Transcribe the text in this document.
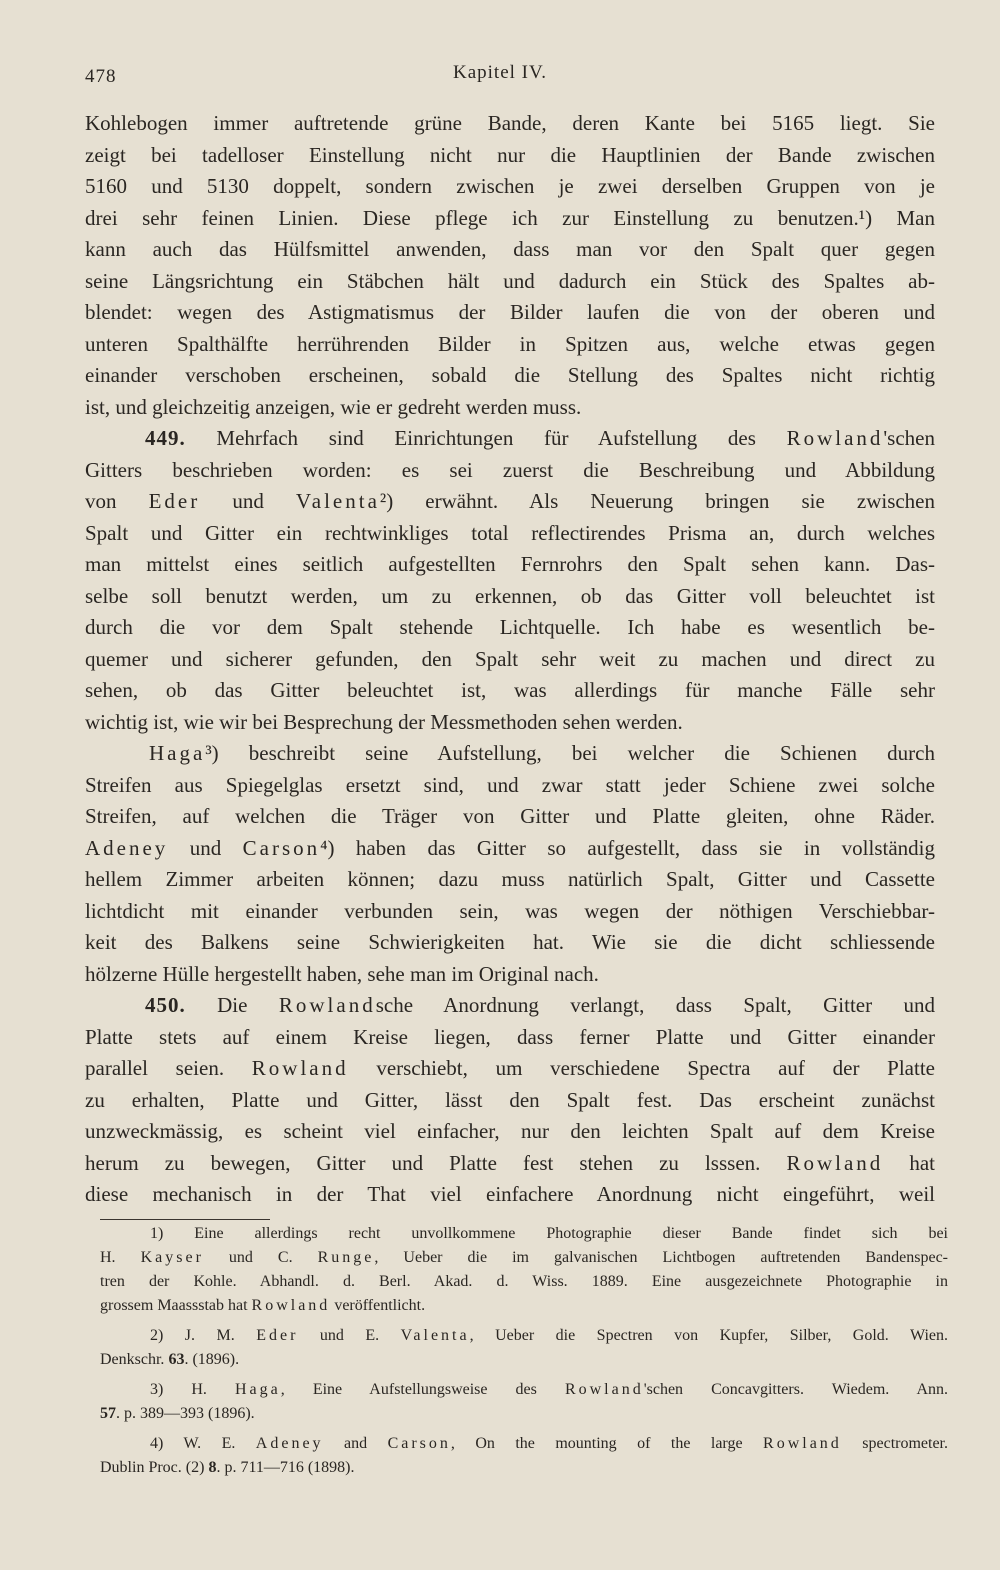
478	Kapitel IV.
Kohlebogen immer auftretende grüne Bande, deren Kante bei 5165 liegt. Sie
zeigt bei tadelloser Einstellung nicht nur die Hauptlinien der Bande zwischen
5160 und 5130 doppelt, sondern zwischen je zwei derselben Gruppen von je
drei sehr feinen Linien. Diese pflege ich zur Einstellung zu benutzen.¹) Man
kann auch das Hülfsmittel anwenden, dass man vor den Spalt quer gegen
seine Längsrichtung ein Stäbchen hält und dadurch ein Stück des Spaltes ab-
blendet: wegen des Astigmatismus der Bilder laufen die von der oberen und
unteren Spalthälfte herrührenden Bilder in Spitzen aus, welche etwas gegen
einander verschoben erscheinen, sobald die Stellung des Spaltes nicht richtig
ist, und gleichzeitig anzeigen, wie er gedreht werden muss.
449. Mehrfach sind Einrichtungen für Aufstellung des Rowland'schen
Gitters beschrieben worden: es sei zuerst die Beschreibung und Abbildung
von Eder und Valenta²) erwähnt. Als Neuerung bringen sie zwischen
Spalt und Gitter ein rechtwinkliges total reflectirendes Prisma an, durch welches
man mittelst eines seitlich aufgestellten Fernrohrs den Spalt sehen kann. Das-
selbe soll benutzt werden, um zu erkennen, ob das Gitter voll beleuchtet ist
durch die vor dem Spalt stehende Lichtquelle. Ich habe es wesentlich be-
quemer und sicherer gefunden, den Spalt sehr weit zu machen und direct zu
sehen, ob das Gitter beleuchtet ist, was allerdings für manche Fälle sehr
wichtig ist, wie wir bei Besprechung der Messmethoden sehen werden.
Haga³) beschreibt seine Aufstellung, bei welcher die Schienen durch
Streifen aus Spiegelglas ersetzt sind, und zwar statt jeder Schiene zwei solche
Streifen, auf welchen die Träger von Gitter und Platte gleiten, ohne Räder.
Adeney und Carson⁴) haben das Gitter so aufgestellt, dass sie in vollständig
hellem Zimmer arbeiten können; dazu muss natürlich Spalt, Gitter und Cassette
lichtdicht mit einander verbunden sein, was wegen der nöthigen Verschiebbar-
keit des Balkens seine Schwierigkeiten hat. Wie sie die dicht schliessende
hölzerne Hülle hergestellt haben, sehe man im Original nach.
450. Die Rowlandsche Anordnung verlangt, dass Spalt, Gitter und
Platte stets auf einem Kreise liegen, dass ferner Platte und Gitter einander
parallel seien. Rowland verschiebt, um verschiedene Spectra auf der Platte
zu erhalten, Platte und Gitter, lässt den Spalt fest. Das erscheint zunächst
unzweckmässig, es scheint viel einfacher, nur den leichten Spalt auf dem Kreise
herum zu bewegen, Gitter und Platte fest stehen zu lsssen. Rowland hat
diese mechanisch in der That viel einfachere Anordnung nicht eingeführt, weil
1) Eine allerdings recht unvollkommene Photographie dieser Bande findet sich bei
H. Kayser und C. Runge, Ueber die im galvanischen Lichtbogen auftretenden Bandenspec-
tren der Kohle. Abhandl. d. Berl. Akad. d. Wiss. 1889. Eine ausgezeichnete Photographie in
grossem Maassstab hat Rowland veröffentlicht.
2) J. M. Eder und E. Valenta, Ueber die Spectren von Kupfer, Silber, Gold. Wien.
Denkschr. 63. (1896).
3) H. Haga, Eine Aufstellungsweise des Rowland'schen Concavgitters. Wiedem. Ann.
57. p. 389—393 (1896).
4) W. E. Adeney and Carson, On the mounting of the large Rowland spectrometer.
Dublin Proc. (2) 8. p. 711—716 (1898).
